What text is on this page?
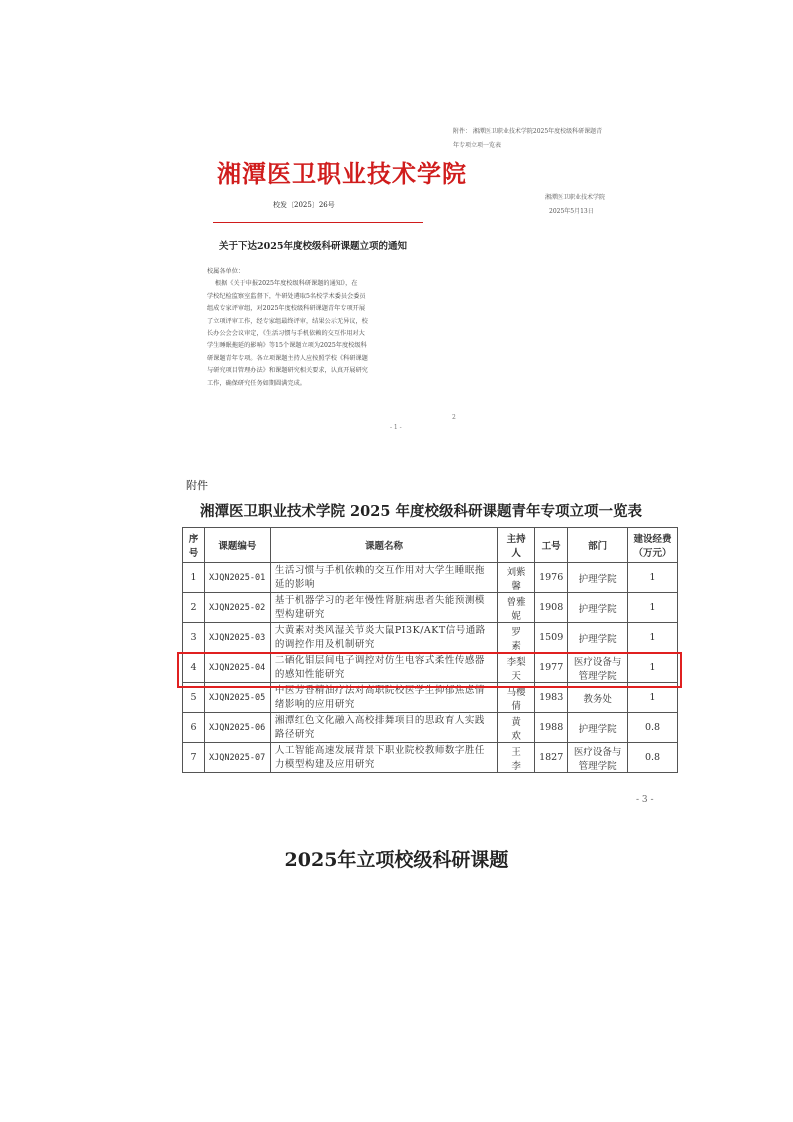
湘潭医卫职业技术学院
校发〔2025〕26号
关于下达2025年度校级科研课题立项的通知
校属各单位：
根据《关于申报2025年度校级科研课题的通知》，在
学校纪检监察室监督下，牛研处遴取5名校学术委员会委员
组成专家评审组，对2025年度校级科研课题青年专项开展
了立项评审工作，经专家组最终评审，结果公示无异议，校
长办公会会议审定，《生活习惯与手机依赖的交互作用对大
学生睡眠拖延的影响》等15个课题立项为2025年度校级科
研课题青年专项。各立项课题主持人应按照学校《科研课题
与研究项目管理办法》和课题研究相关要求，认真开展研究
工作，确保研究任务如期圆满完成。
附件： 湘潭医卫职业技术学院2025年度校级科研课题青
年专项立项一览表
湘潭医卫职业技术学院
2025年5月13日
- 1 -
2
附件
湘潭医卫职业技术学院 2025 年度校级科研课题青年专项立项一览表
序号	课题编号	课题名称	主持人	工号	部门	建设经费（万元）
1	XJQN2025-01	生活习惯与手机依赖的交互作用对大学生睡眠拖延的影响	刘紫馨	1976	护理学院	1
2	XJQN2025-02	基于机器学习的老年慢性肾脏病患者失能预测模型构建研究	曾雅妮	1908	护理学院	1
3	XJQN2025-03	大黄素对类风湿关节炎大鼠PI3K/AKT信号通路的调控作用及机制研究	罗　素	1509	护理学院	1
4	XJQN2025-04	二硒化钼层间电子调控对仿生电容式柔性传感器的感知性能研究	李梨天	1977	医疗设备与管理学院	1
5	XJQN2025-05	中医芳香精油疗法对高职院校医学生抑郁焦虑情绪影响的应用研究	马樱倩	1983	教务处	1
6	XJQN2025-06	湘潭红色文化融入高校排舞项目的思政育人实践路径研究	黄　欢	1988	护理学院	0.8
7	XJQN2025-07	人工智能高速发展背景下职业院校教师数字胜任力模型构建及应用研究	王　李	1827	医疗设备与管理学院	0.8
- 3 -
2025年立项校级科研课题
